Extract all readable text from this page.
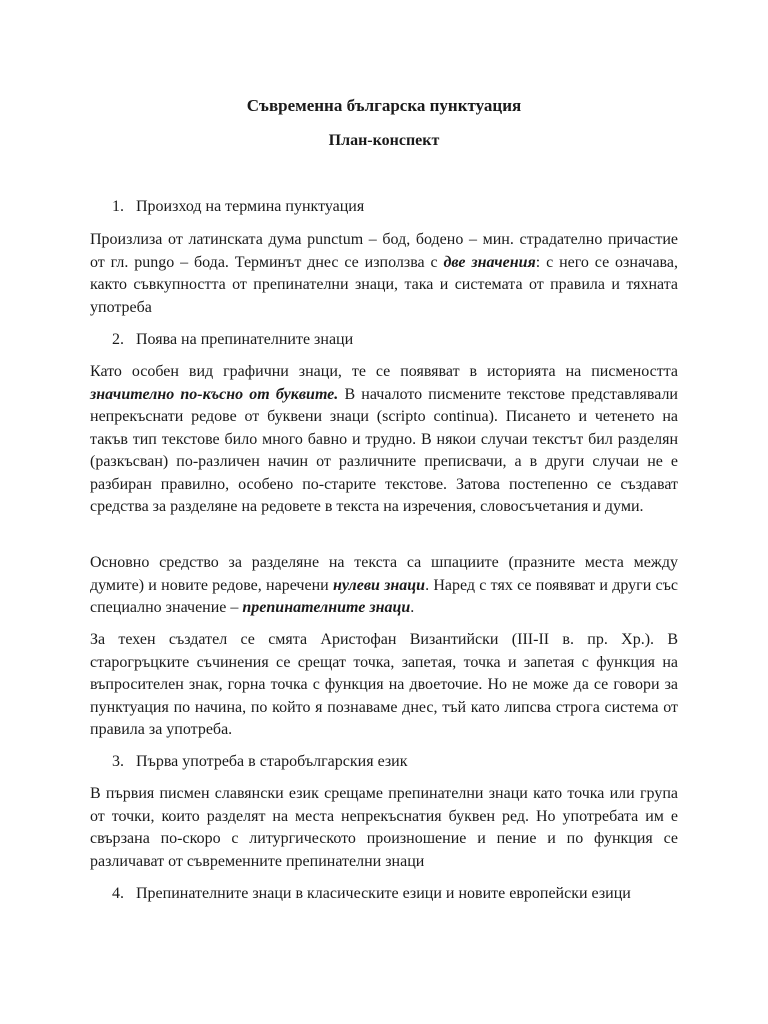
Съвременна българска пунктуация
План-конспект
1. Произход на термина пунктуация

Произлиза от латинската дума punctum – бод, бодено – мин. страдателно причастие от гл. pungo – бода. Терминът днес се използва с две значения: с него се означава, както съвкупността от препинателни знаци, така и системата от правила и тяхната употреба

2. Поява на препинателните знаци

Като особен вид графични знаци, те се появяват в историята на писмеността значително по-късно от буквите. В началото писмените текстове представлявали непрекъснати редове от буквени знаци (scripto continua). Писането и четенето на такъв тип текстове било много бавно и трудно. В някои случаи текстът бил разделян (разкъсван) по-различен начин от различните преписвачи, а в други случаи не е разбиран правилно, особено по-старите текстове. Затова постепенно се създават средства за разделяне на редовете в текста на изречения, словосъчетания и думи.

Основно средство за разделяне на текста са шпациите (празните места между думите) и новите редове, наречени нулеви знаци. Наред с тях се появяват и други със специално значение – препинателните знаци.

За техен създател се смята Аристофан Византийски (III-II в. пр. Хр.). В старогръцките съчинения се срещат точка, запетая, точка и запетая с функция на въпросителен знак, горна точка с функция на двоеточие. Но не може да се говори за пунктуация по начина, по който я познаваме днес, тъй като липсва строга система от правила за употреба.

3. Първа употреба в старобългарския език

В първия писмен славянски език срещаме препинателни знаци като точка или група от точки, които разделят на места непрекъснатия буквен ред. Но употребата им е свързана по-скоро с литургическото произношение и пение и по функция се различават от съвременните препинателни знаци

4. Препинателните знаци в класическите езици и новите европейски езици
